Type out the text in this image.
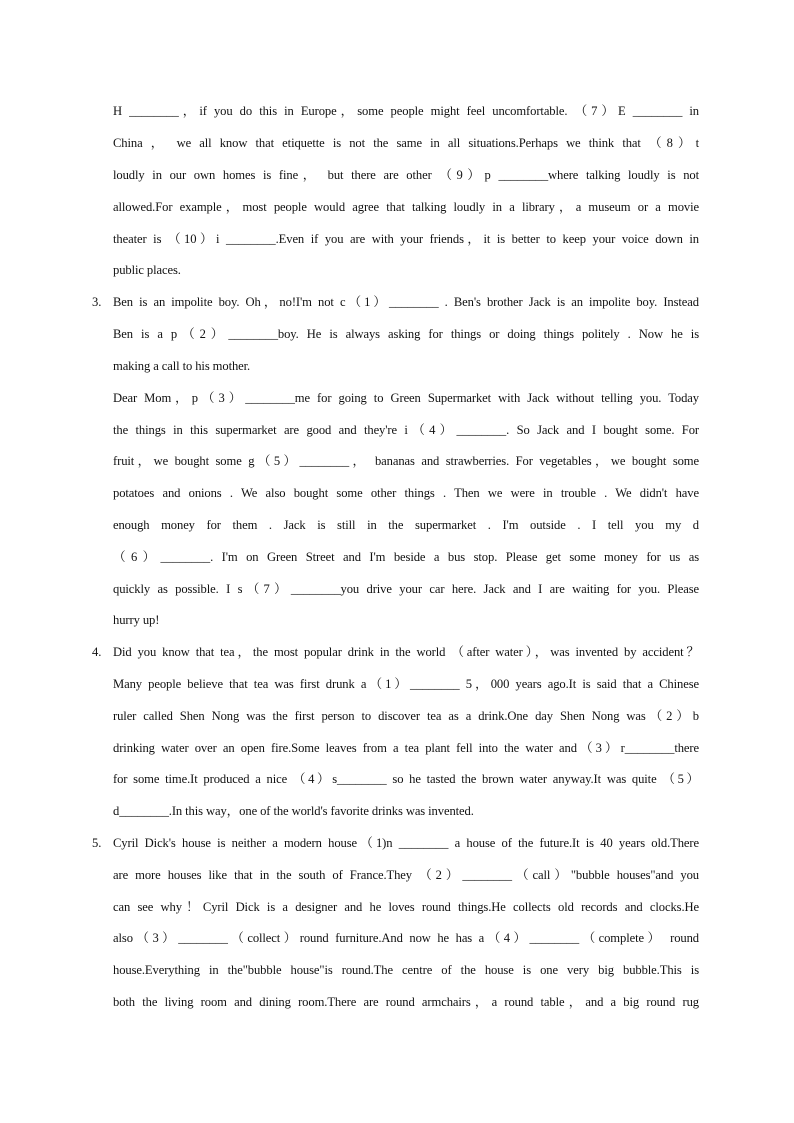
H ________，if you do this in Europe，some people might feel uncomfortable. （7）E ________ in
China ， we all know that etiquette is not the same in all situations.Perhaps we think that （8）t
loudly in our own homes is fine， but there are other （9）p ________where talking loudly is not
allowed.For example，most people would agree that talking loudly in a library，a museum or a movie
theater is （10）i ________.Even if you are with your friends，it is better to keep your voice down in
public places.
3. Ben is an impolite boy. Oh，no!I'm not c（1）________ . Ben's brother Jack is an impolite boy. Instead
Ben is a p（2）________boy. He is always asking for things or doing things politely . Now he is
making a call to his mother.
Dear Mom，p（3）________me for going to Green Supermarket with Jack without telling you. Today
the things in this supermarket are good and they're i（4）________. So Jack and I bought some. For
fruit，we bought some g（5）________， bananas and strawberries. For vegetables，we bought some
potatoes and onions . We also bought some other things . Then we were in trouble . We didn't have
enough money for them . Jack is still in the supermarket . I'm outside . I tell you my d
（6）________. I'm on Green Street and I'm beside a bus stop. Please get some money for us as
quickly as possible. I s（7）________you drive your car here. Jack and I are waiting for you. Please
hurry up!
4. Did you know that tea，the most popular drink in the world （after water），was invented by accident？
Many people believe that tea was first drunk a（1）________ 5，000 years ago.It is said that a Chinese
ruler called Shen Nong was the first person to discover tea as a drink.One day Shen Nong was（2）b
drinking water over an open fire.Some leaves from a tea plant fell into the water and（3）r________there
for some time.It produced a nice （4）s________ so he tasted the brown water anyway.It was quite （5）
d________.In this way，one of the world's favorite drinks was invented.
5. Cyril Dick's house is neither a modern house（1)n ________ a house of the future.It is 40 years old.There
are more houses like that in the south of France.They （2）________（call）"bubble houses"and you
can see why！Cyril Dick is a designer and he loves round things.He collects old records and clocks.He
also（3）________（collect）round furniture.And now he has a（4）________（complete） round
house.Everything in the"bubble house"is round.The centre of the house is one very big bubble.This is
both the living room and dining room.There are round armchairs，a round table，and a big round rug
